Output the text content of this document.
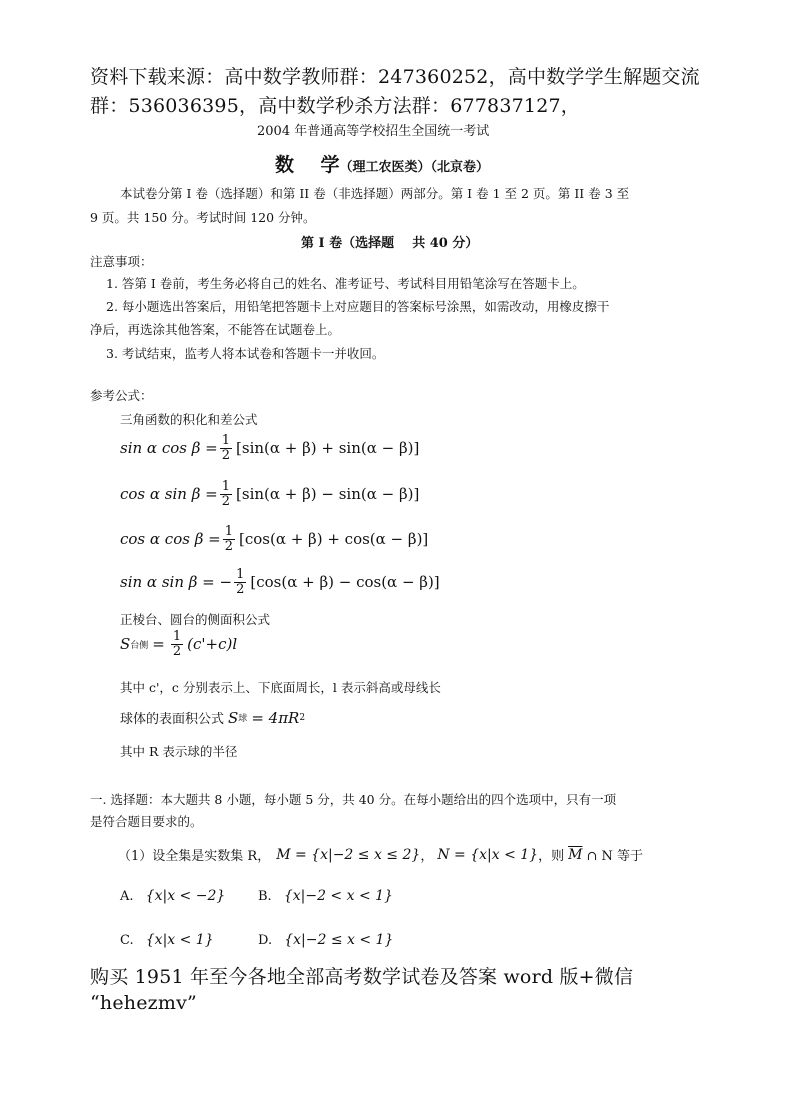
资料下载来源：高中数学教师群：247360252，高中数学学生解题交流
群：536036395，高中数学秒杀方法群：677837127，
2004 年普通高等学校招生全国统一考试
数    学（理工农医类）（北京卷）
本试卷分第 I 卷（选择题）和第 II 卷（非选择题）两部分。第 I 卷 1 至 2 页。第 II 卷 3 至
9 页。共 150 分。考试时间 120 分钟。
第 I 卷（选择题    共 40 分）
注意事项：
1. 答第 I 卷前，考生务必将自己的姓名、准考证号、考试科目用铅笔涂写在答题卡上。
2. 每小题选出答案后，用铅笔把答题卡上对应题目的答案标号涂黑，如需改动，用橡皮擦干
净后，再选涂其他答案，不能答在试题卷上。
3. 考试结束，监考人将本试卷和答题卡一并收回。
参考公式：
三角函数的积化和差公式
sin α $\cos \beta = \frac{1}{2} [\sin(\alpha + \beta) + \sin(\alpha - \beta)]$
cos α $\sin \beta = \frac{1}{2} [\sin(\alpha + \beta) - \sin(\alpha - \beta)]$
cos α $\cos \beta = \frac{1}{2} [\cos(\alpha + \beta) + \cos(\alpha - \beta)]$
sin α sin β = − $\frac{1}{2} [\cos(\alpha + \beta) - \cos(\alpha - \beta)]$
正棱台、圆台的侧面积公式
S 台侧 = $\frac{1}{2} (c'+c)l$
其中 c'，c 分别表示上、下底面周长，l 表示斜高或母线长
球体的表面积公式 S 球 = 4πR 2
其中 R 表示球的半径
一. 选择题：本大题共 8 小题，每小题 5 分，共 40 分。在每小题给出的四个选项中，只有一项
是符合题目要求的。
（1）设全集是实数集 R， M = {x|−2 ≤ x ≤ 2} ， N = {x|x < 1} ，则 $\overline{M}$ ∩ N 等于
A. {x|x < −2}	B. {x|−2 < x < 1}
C. {x|x < 1}	D. {x|−2 ≤ x < 1}
购买 1951 年至今各地全部高考数学试卷及答案 word 版+微信
“hehezmv”
